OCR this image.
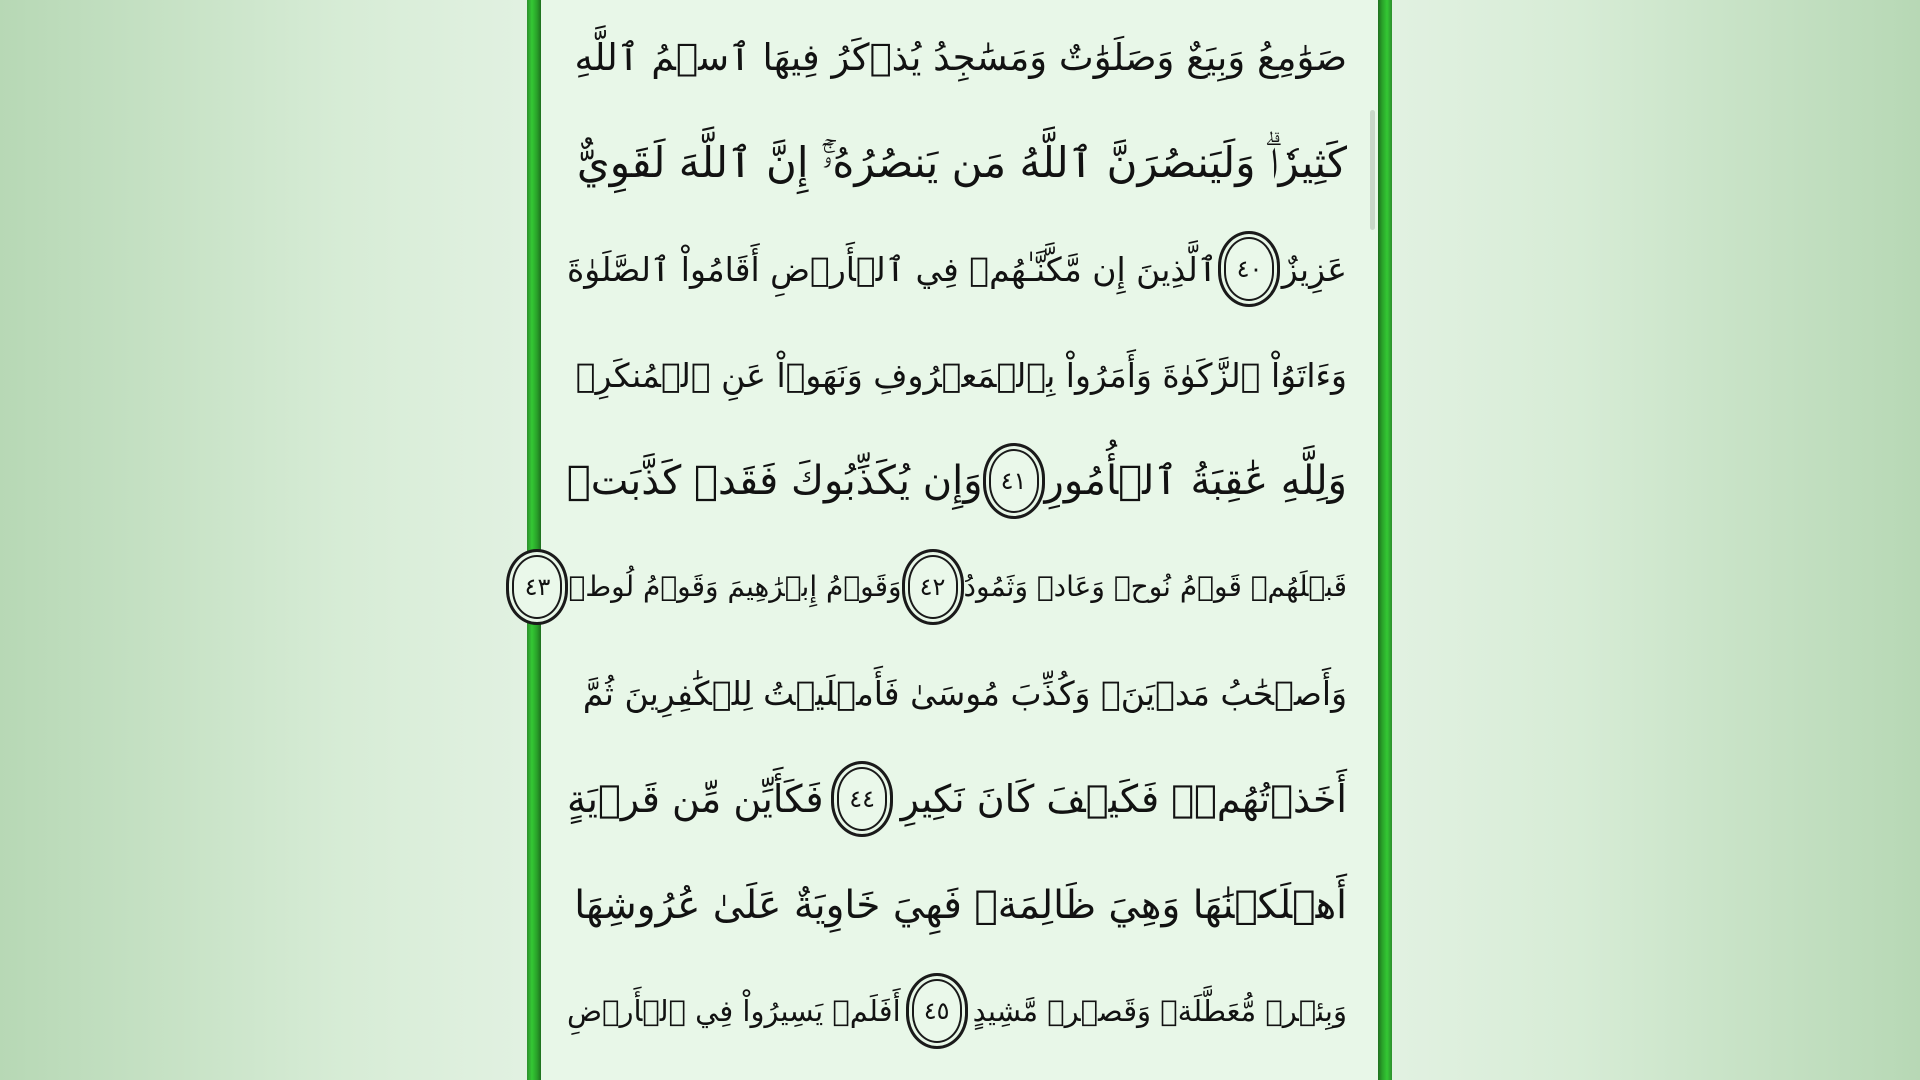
صَوَٰمِعُ وَبِيَعٌ وَصَلَوَٰتٌ وَمَسَٰجِدُ يُذۡكَرُ فِيهَا ٱسۡمُ ٱللَّهِ
كَثِيرٗاۗ وَلَيَنصُرَنَّ ٱللَّهُ مَن يَنصُرُهُۥٓۚ إِنَّ ٱللَّهَ لَقَوِيٌّ
عَزِيزٌ
٤٠
ٱلَّذِينَ إِن مَّكَّنَّـٰهُمۡ فِي ٱلۡأَرۡضِ أَقَامُواْ ٱلصَّلَوٰةَ
وَءَاتَوُاْ ٱلزَّكَوٰةَ وَأَمَرُواْ بِٱلۡمَعۡرُوفِ وَنَهَوۡاْ عَنِ ٱلۡمُنكَرِۗ
وَلِلَّهِ عَٰقِبَةُ ٱلۡأُمُورِ
٤١
وَإِن يُكَذِّبُوكَ فَقَدۡ كَذَّبَتۡ
قَبۡلَهُمۡ قَوۡمُ نُوحٖ وَعَادٞ وَثَمُودُ
٤٢
وَقَوۡمُ إِبۡرَٰهِيمَ وَقَوۡمُ لُوطٖ
٤٣
وَأَصۡحَٰبُ مَدۡيَنَۖ وَكُذِّبَ مُوسَىٰ فَأَمۡلَيۡتُ لِلۡكَٰفِرِينَ ثُمَّ
أَخَذۡتُهُمۡۖ فَكَيۡفَ كَانَ نَكِيرِ
٤٤
فَكَأَيِّن مِّن قَرۡيَةٍ
أَهۡلَكۡنَٰهَا وَهِيَ ظَالِمَةٞ فَهِيَ خَاوِيَةٌ عَلَىٰ عُرُوشِهَا
وَبِئۡرٖ مُّعَطَّلَةٖ وَقَصۡرٖ مَّشِيدٍ
٤٥
أَفَلَمۡ يَسِيرُواْ فِي ٱلۡأَرۡضِ
